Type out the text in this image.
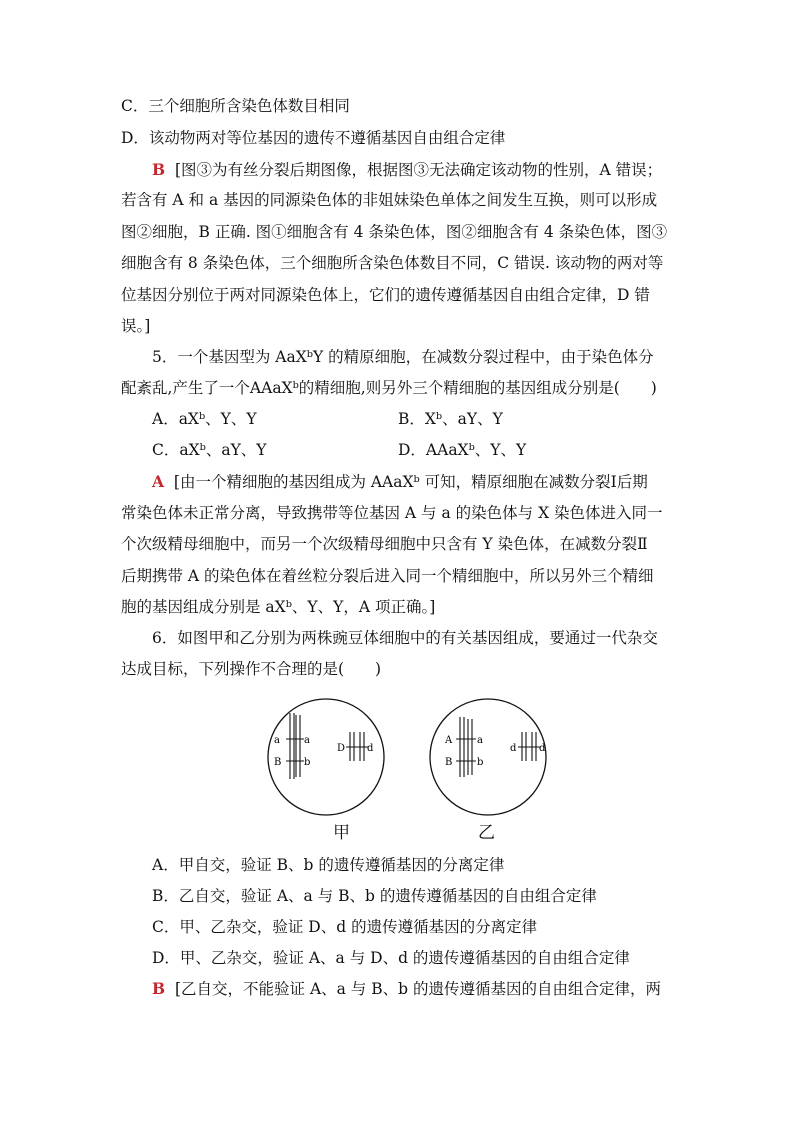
C．三个细胞所含染色体数目相同
D．该动物两对等位基因的遗传不遵循基因自由组合定律
B [图③为有丝分裂后期图像，根据图③无法确定该动物的性别，A 错误；
若含有 A 和 a 基因的同源染色体的非姐妹染色单体之间发生互换，则可以形成
图②细胞，B 正确. 图①细胞含有 4 条染色体，图②细胞含有 4 条染色体，图③
细胞含有 8 条染色体，三个细胞所含染色体数目不同，C 错误. 该动物的两对等
位基因分别位于两对同源染色体上，它们的遗传遵循基因自由组合定律，D 错
误。]
5．一个基因型为 AaXᵇY 的精原细胞，在减数分裂过程中，由于染色体分
配紊乱,产生了一个AAaXᵇ的精细胞,则另外三个精细胞的基因组成分别是(　　)
A．aXᵇ、Y、Y	B．Xᵇ、aY、Y
C．aXᵇ、aY、Y	D．AAaXᵇ、Y、Y
A [由一个精细胞的基因组成为 AAaXᵇ 可知，精原细胞在减数分裂Ⅰ后期
常染色体未正常分离，导致携带等位基因 A 与 a 的染色体与 X 染色体进入同一
个次级精母细胞中，而另一个次级精母细胞中只含有 Y 染色体，在减数分裂Ⅱ
后期携带 A 的染色体在着丝粒分裂后进入同一个精细胞中，所以另外三个精细
胞的基因组成分别是 aXᵇ、Y、Y，A 项正确。]
6．如图甲和乙分别为两株豌豆体细胞中的有关基因组成，要通过一代杂交
达成目标，下列操作不合理的是(　　)
a a
B b
D d
A a
B b
d d
甲	乙
A．甲自交，验证 B、b 的遗传遵循基因的分离定律
B．乙自交，验证 A、a 与 B、b 的遗传遵循基因的自由组合定律
C．甲、乙杂交，验证 D、d 的遗传遵循基因的分离定律
D．甲、乙杂交，验证 A、a 与 D、d 的遗传遵循基因的自由组合定律
B [乙自交，不能验证 A、a 与 B、b 的遗传遵循基因的自由组合定律，两
